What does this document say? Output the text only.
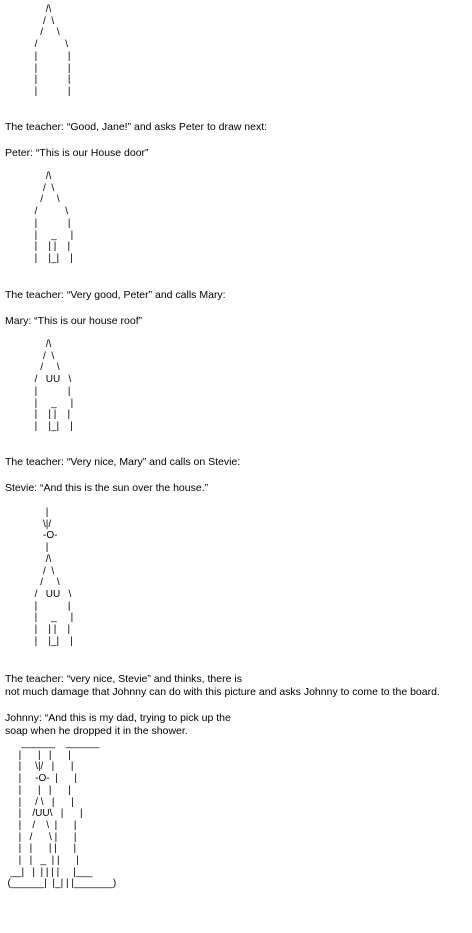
/\
/  \
/     \
/          \
|           |
|           |
|           |
|           |
The teacher: “Good, Jane!” and asks Peter to draw next:
Peter: “This is our House door”
/\
/  \
/     \
/          \
|           |
|     _     |
|    | |    |
|    |_|    |
The teacher: “Very good, Peter” and calls Mary:
Mary: “This is our house roof”
/\
/  \
/     \
/   UU   \
|           |
|     _     |
|    | |    |
|    |_|    |
The teacher: “Very nice, Mary” and calls on Stevie:
Stevie: “And this is the sun over the house.”
|
\|/
-O-
|
/\
/  \
/     \
/   UU   \
|           |
|     _     |
|    | |    |
|    |_|    |
The teacher: “very nice, Stevie” and thinks, there is
not much damage that Johnny can do with this picture and asks Johnny to come to the board.
Johnny: “And this is my dad, trying to pick up the
soap when he dropped it in the shower.
______    ______
|      |   |      |
|     \|/   |      |
|     -O-  |      |
|      |   |      |
|     / \   |      |
|    /UU\   |      |
|    /    \  |      |
|   /      \ |      |
|   |      | |      |
|   |   _  | |      |
__|   |  | | | |     |___
(______|  |_| | |_______)
